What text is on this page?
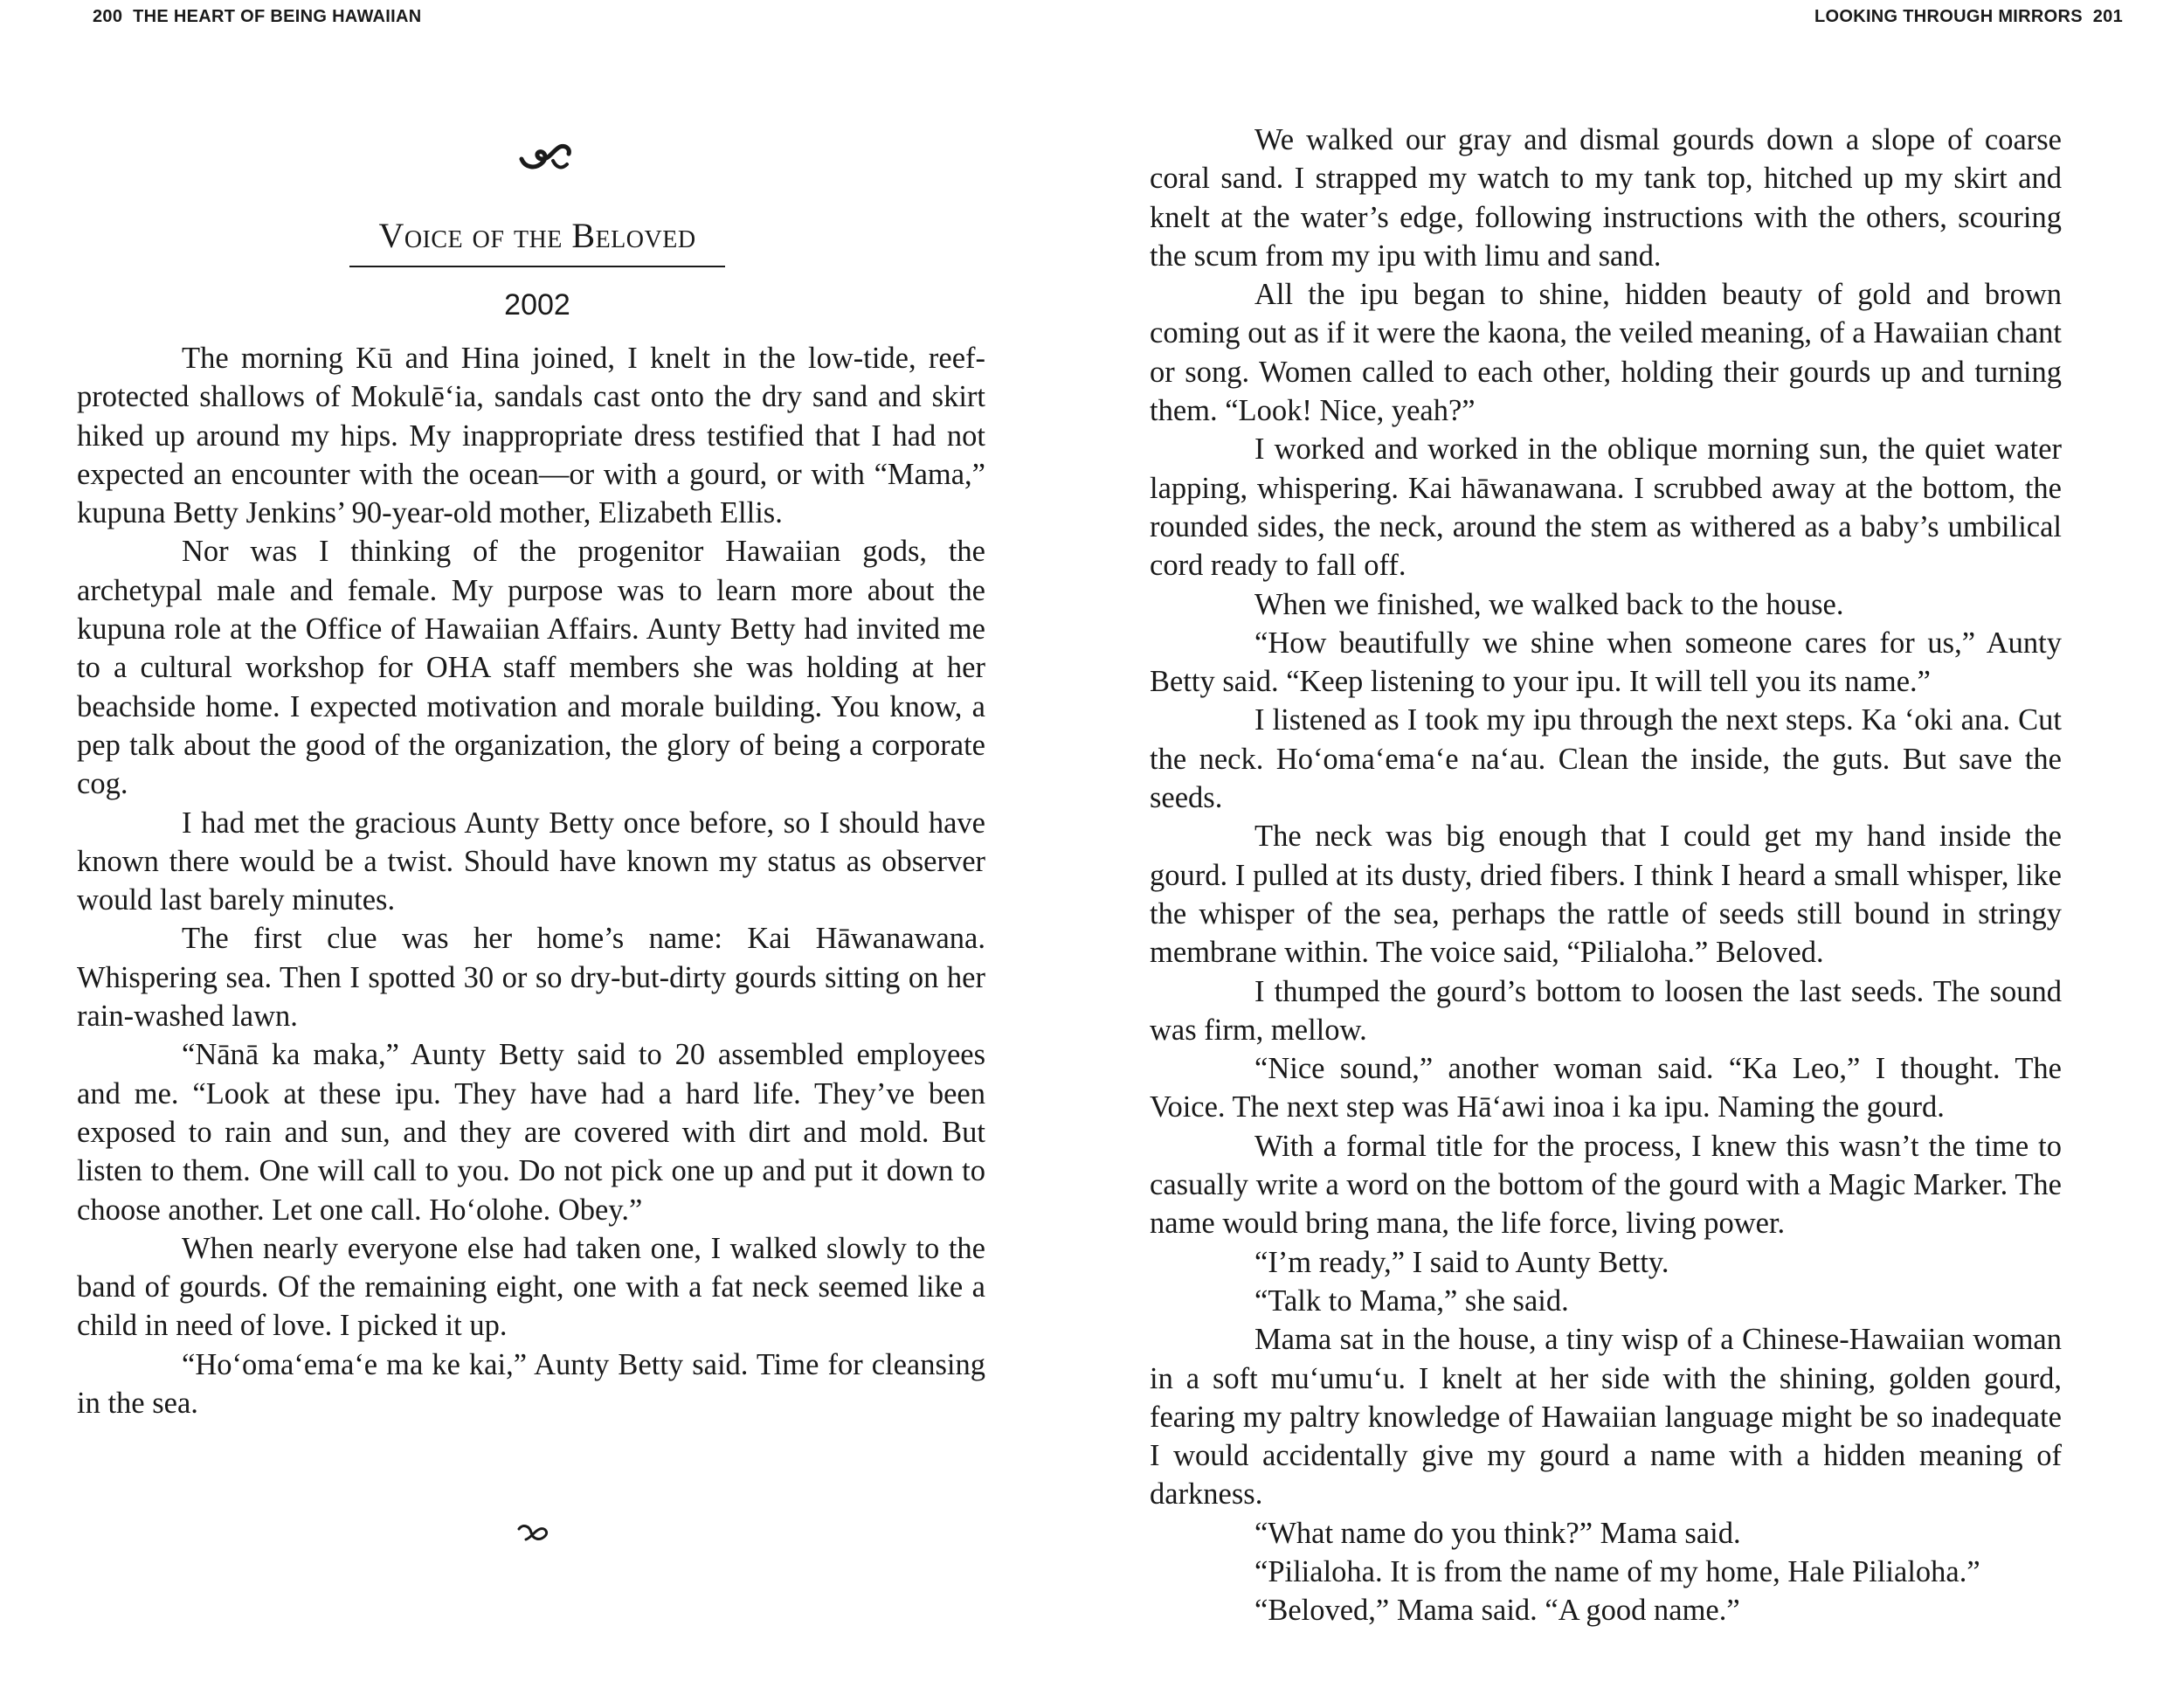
200 THE HEART OF BEING HAWAIIAN
Voice of the Beloved
2002

The morning Kū and Hina joined, I knelt in the low-tide, reef-protected shallows of Mokulē‘ia, sandals cast onto the dry sand and skirt hiked up around my hips. My inappropriate dress testified that I had not expected an encounter with the ocean—or with a gourd, or with “Mama,” kupuna Betty Jenkins’ 90-year-old mother, Elizabeth Ellis.

Nor was I thinking of the progenitor Hawaiian gods, the archetypal male and female. My purpose was to learn more about the kupuna role at the Office of Hawaiian Affairs. Aunty Betty had invited me to a cultural workshop for OHA staff members she was holding at her beachside home. I expected motivation and morale building. You know, a pep talk about the good of the organization, the glory of being a corporate cog.

I had met the gracious Aunty Betty once before, so I should have known there would be a twist. Should have known my status as observer would last barely minutes.

The first clue was her home’s name: Kai Hāwanawana. Whispering sea. Then I spotted 30 or so dry-but-dirty gourds sitting on her rain-washed lawn.

“Nānā ka maka,” Aunty Betty said to 20 assembled employees and me. “Look at these ipu. They have had a hard life. They’ve been exposed to rain and sun, and they are covered with dirt and mold. But listen to them. One will call to you. Do not pick one up and put it down to choose another. Let one call. Ho‘olohe. Obey.”

When nearly everyone else had taken one, I walked slowly to the band of gourds. Of the remaining eight, one with a fat neck seemed like a child in need of love. I picked it up.

“Ho‘oma‘ema‘e ma ke kai,” Aunty Betty said. Time for cleansing in the sea.

LOOKING THROUGH MIRRORS 201

We walked our gray and dismal gourds down a slope of coarse coral sand. I strapped my watch to my tank top, hitched up my skirt and knelt at the water’s edge, following instructions with the others, scouring the scum from my ipu with limu and sand.

All the ipu began to shine, hidden beauty of gold and brown coming out as if it were the kaona, the veiled meaning, of a Hawaiian chant or song. Women called to each other, holding their gourds up and turning them. “Look! Nice, yeah?”

I worked and worked in the oblique morning sun, the quiet water lapping, whispering. Kai hāwanawana. I scrubbed away at the bottom, the rounded sides, the neck, around the stem as withered as a baby’s umbilical cord ready to fall off.

When we finished, we walked back to the house.

“How beautifully we shine when someone cares for us,” Aunty Betty said. “Keep listening to your ipu. It will tell you its name.”

I listened as I took my ipu through the next steps. Ka ‘oki ana. Cut the neck. Ho‘oma‘ema‘e na‘au. Clean the inside, the guts. But save the seeds.

The neck was big enough that I could get my hand inside the gourd. I pulled at its dusty, dried fibers. I think I heard a small whisper, like the whisper of the sea, perhaps the rattle of seeds still bound in stringy membrane within. The voice said, “Pilialoha.” Beloved.

I thumped the gourd’s bottom to loosen the last seeds. The sound was firm, mellow.

“Nice sound,” another woman said. “Ka Leo,” I thought. The Voice. The next step was Hā‘awi inoa i ka ipu. Naming the gourd.

With a formal title for the process, I knew this wasn’t the time to casually write a word on the bottom of the gourd with a Magic Marker. The name would bring mana, the life force, living power.

“I’m ready,” I said to Aunty Betty.

“Talk to Mama,” she said.

Mama sat in the house, a tiny wisp of a Chinese-Hawaiian woman in a soft mu‘umu‘u. I knelt at her side with the shining, golden gourd, fearing my paltry knowledge of Hawaiian language might be so inadequate I would accidentally give my gourd a name with a hidden meaning of darkness.

“What name do you think?” Mama said.

“Pilialoha. It is from the name of my home, Hale Pilialoha.”

“Beloved,” Mama said. “A good name.”
